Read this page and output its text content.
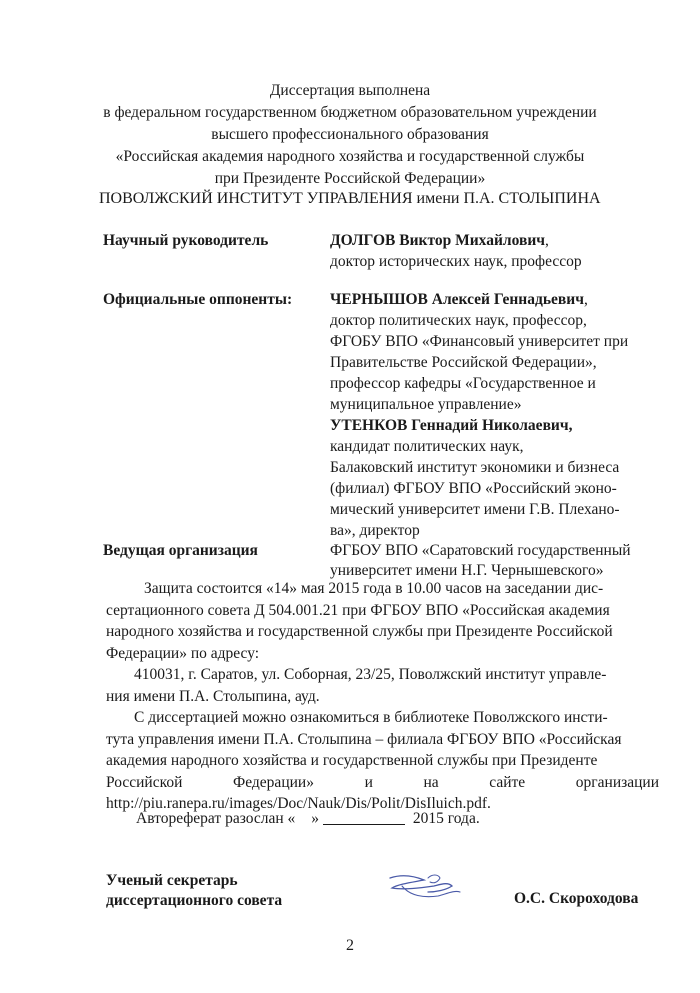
Диссертация выполнена
в федеральном государственном бюджетном образовательном учреждении
высшего профессионального образования
«Российская академия народного хозяйства и государственной службы
при Президенте Российской Федерации»
ПОВОЛЖСКИЙ ИНСТИТУТ УПРАВЛЕНИЯ имени П.А. СТОЛЫПИНА
Научный руководитель	ДОЛГОВ Виктор Михайлович,
доктор исторических наук, профессор
Официальные оппоненты: ЧЕРНЫШОВ Алексей Геннадьевич,
доктор политических наук, профессор,
ФГОБУ ВПО «Финансовый университет при
Правительстве Российской Федерации»,
профессор кафедры «Государственное и
муниципальное управление»
УТЕНКОВ Геннадий Николаевич,
кандидат политических наук,
Балаковский институт экономики и бизнеса
(филиал) ФГБОУ ВПО «Российский эконо-
мический университет имени Г.В. Плехано-
ва», директор
Ведущая организация	ФГБОУ ВПО «Саратовский государственный
университет имени Н.Г. Чернышевского»
Защита состоится «14» мая 2015 года в 10.00 часов на заседании дис-
сертационного совета Д 504.001.21 при ФГБОУ ВПО «Российская академия
народного хозяйства и государственной службы при Президенте Российской
Федерации» по адресу:
410031, г. Саратов, ул. Соборная, 23/25, Поволжский институт управле-
ния имени П.А. Столыпина, ауд.
С диссертацией можно ознакомиться в библиотеке Поволжского инсти-
тута управления имени П.А. Столыпина – филиала ФГБОУ ВПО «Российская
академия народного хозяйства и государственной службы при Президенте
Российской	Федерации»	и	на	сайте	организации
http://piu.ranepa.ru/images/Doc/Nauk/Dis/Polit/DisIluich.pdf.
Автореферат разослан « »	2015 года.
Ученый секретарь
диссертационного совета	О.С. Скороходова
2
